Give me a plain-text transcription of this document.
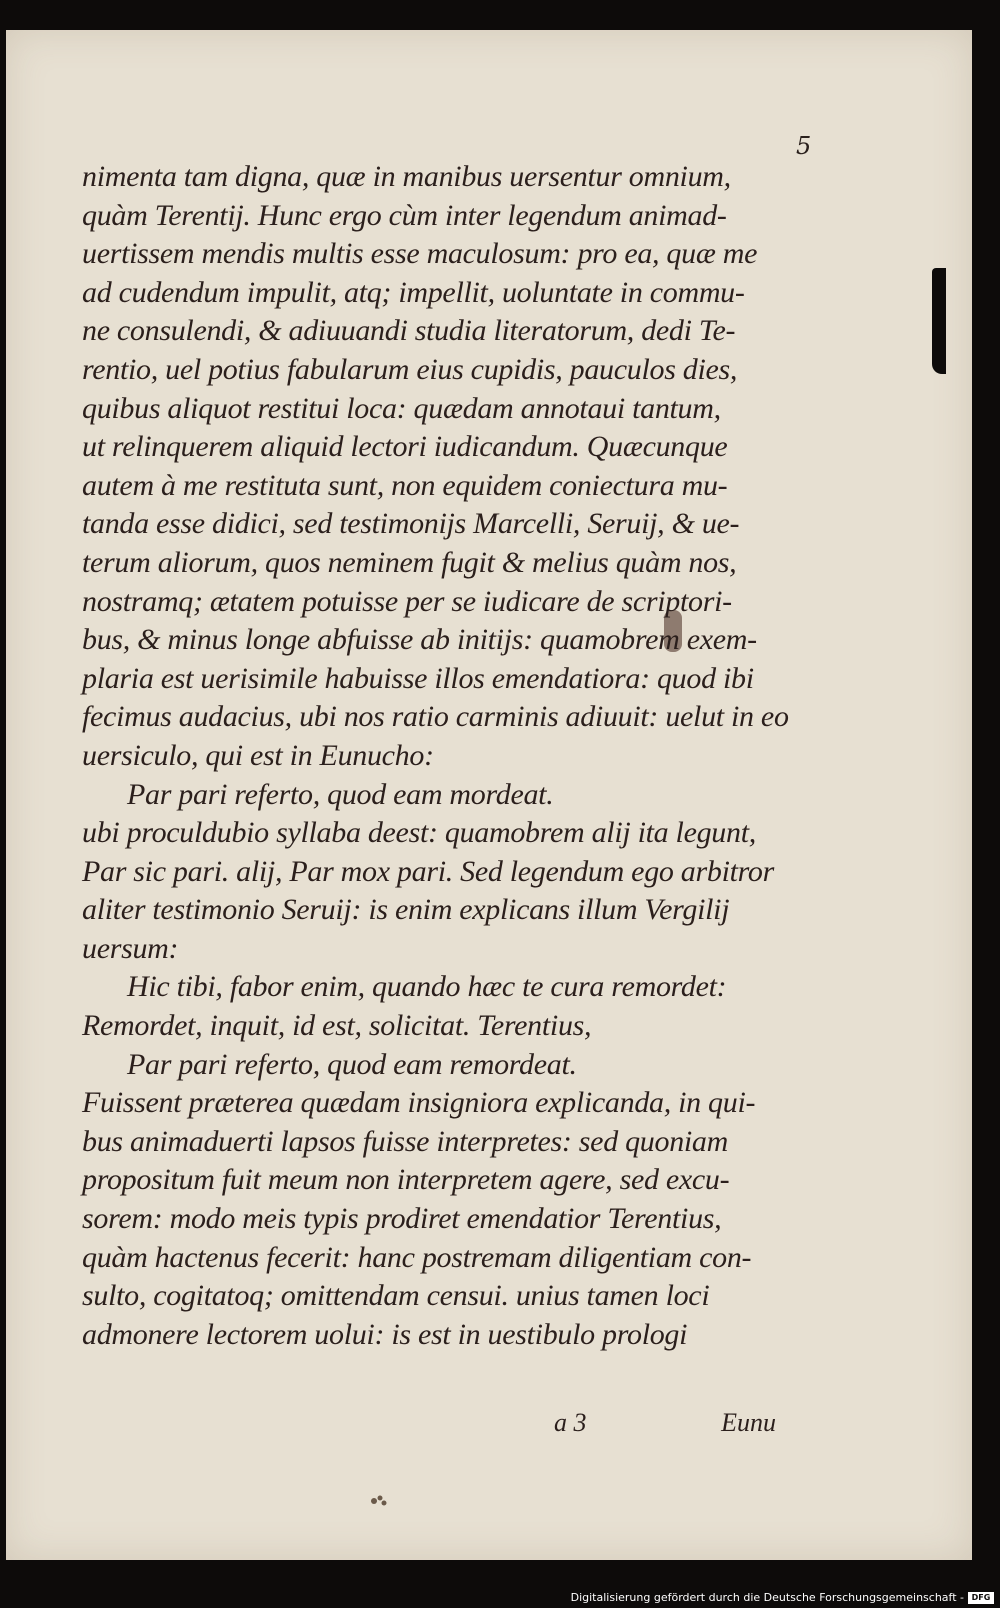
5
nimenta tam digna, quæ in manibus uersentur omnium,
quàm Terentij. Hunc ergo cùm inter legendum animad-
uertissem mendis multis esse maculosum: pro ea, quæ me
ad cudendum impulit, atq; impellit, uoluntate in commu-
ne consulendi, & adiuuandi studia literatorum, dedi Te-
rentio, uel potius fabularum eius cupidis, pauculos dies,
quibus aliquot restitui loca: quædam annotaui tantum,
ut relinquerem aliquid lectori iudicandum. Quæcunque
autem à me restituta sunt, non equidem coniectura mu-
tanda esse didici, sed testimonijs Marcelli, Seruij, & ue-
terum aliorum, quos neminem fugit & melius quàm nos,
nostramq; ætatem potuisse per se iudicare de scriptori-
bus, & minus longe abfuisse ab initijs: quamobrem exem-
plaria est uerisimile habuisse illos emendatiora: quod ibi
fecimus audacius, ubi nos ratio carminis adiuuit: uelut in eo
uersiculo, qui est in Eunucho:
Par pari referto, quod eam mordeat.
ubi proculdubio syllaba deest: quamobrem alij ita legunt,
Par sic pari. alij, Par mox pari. Sed legendum ego arbitror
aliter testimonio Seruij: is enim explicans illum Vergilij
uersum:
Hic tibi, fabor enim, quando hæc te cura remordet:
Remordet, inquit, id est, solicitat. Terentius,
Par pari referto, quod eam remordeat.
Fuissent præterea quædam insigniora explicanda, in qui-
bus animaduerti lapsos fuisse interpretes: sed quoniam
propositum fuit meum non interpretem agere, sed excu-
sorem: modo meis typis prodiret emendatior Terentius,
quàm hactenus fecerit: hanc postremam diligentiam con-
sulto, cogitatoq; omittendam censui. unius tamen loci
admonere lectorem uolui: is est in uestibulo prologi
a 3	Eunu
Digitalisierung gefördert durch die Deutsche Forschungsgemeinschaft - DFG
